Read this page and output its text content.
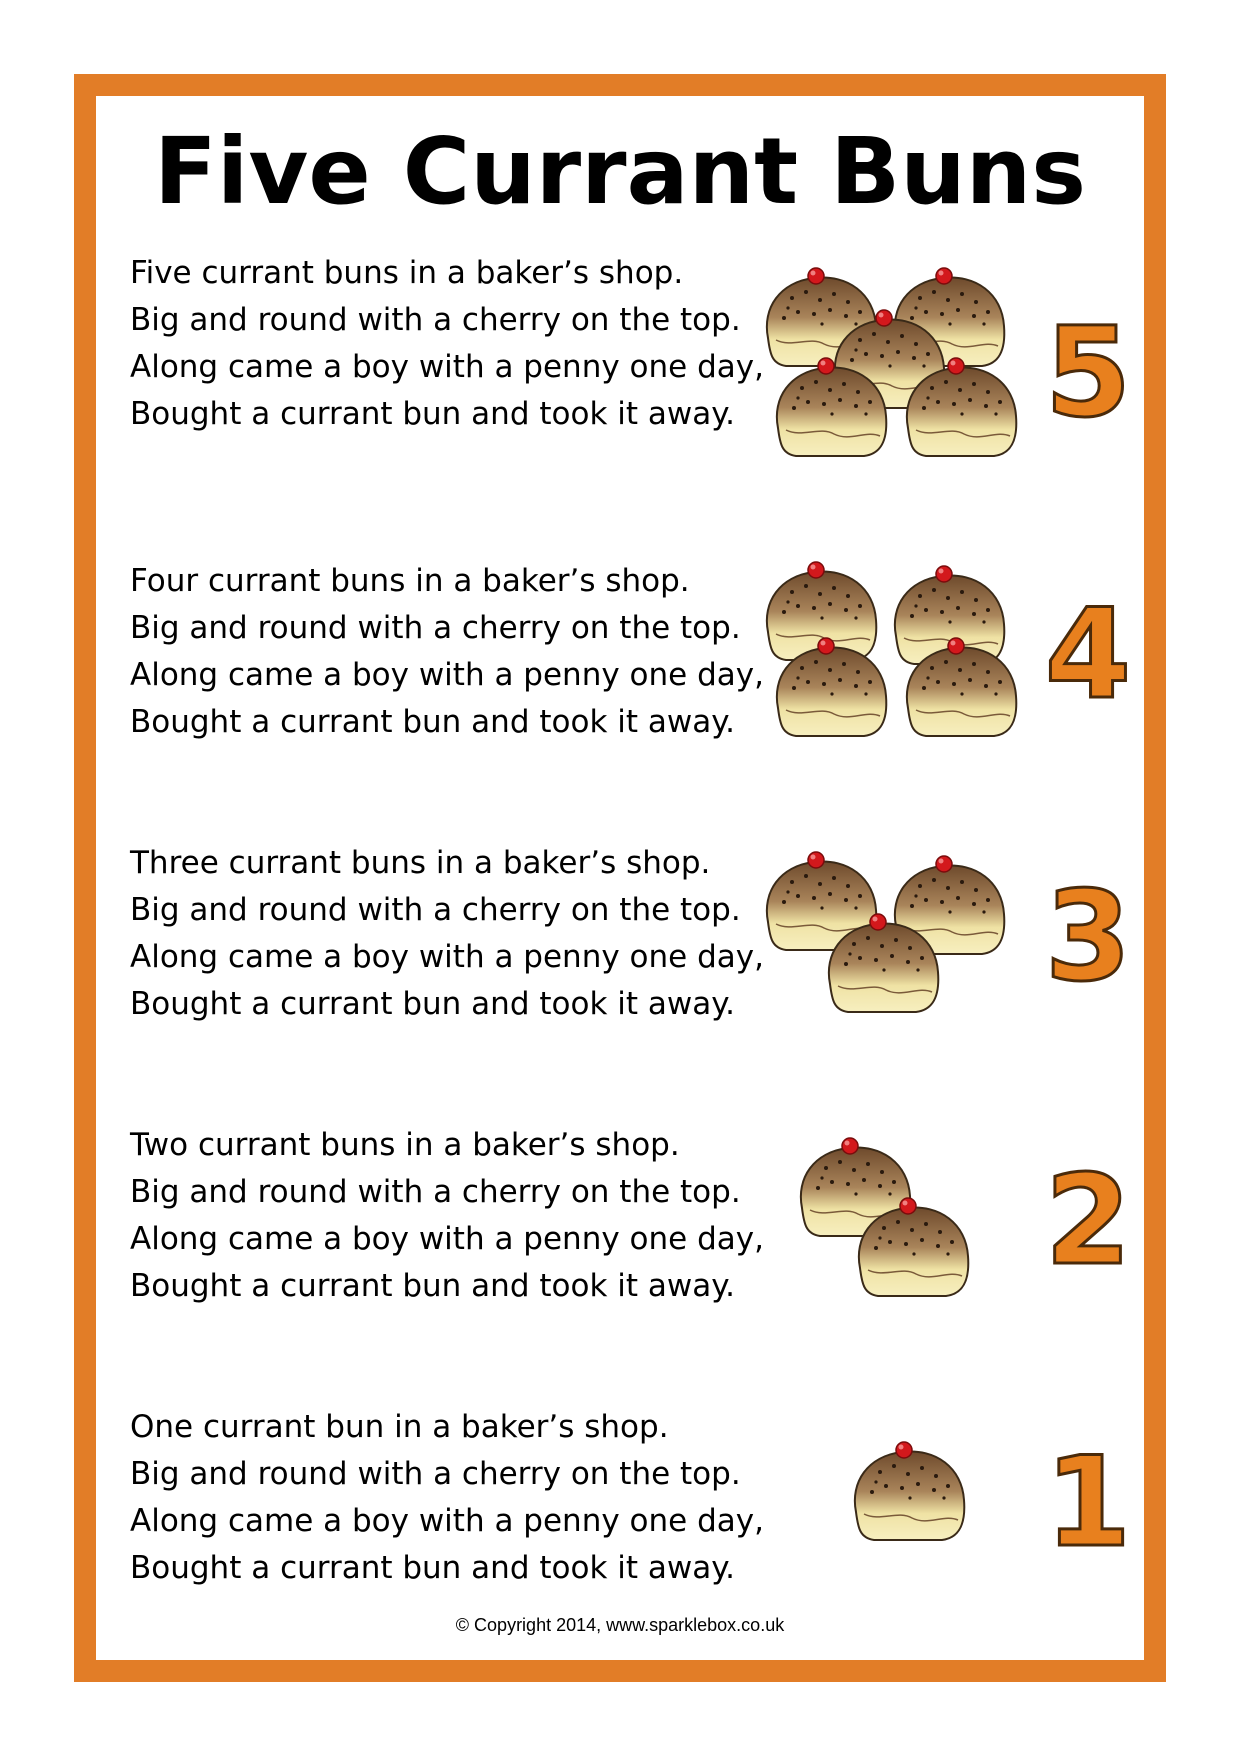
Five Currant Buns
Five currant buns in a baker’s shop.
Big and round with a cherry on the top.
Along came a boy with a penny one day,
Bought a currant bun and took it away.	5
Four currant buns in a baker’s shop.
Big and round with a cherry on the top.
Along came a boy with a penny one day,
Bought a currant bun and took it away.	4
Three currant buns in a baker’s shop.
Big and round with a cherry on the top.
Along came a boy with a penny one day,
Bought a currant bun and took it away.	3
Two currant buns in a baker’s shop.
Big and round with a cherry on the top.
Along came a boy with a penny one day,
Bought a currant bun and took it away.	2
One currant bun in a baker’s shop.
Big and round with a cherry on the top.
Along came a boy with a penny one day,
Bought a currant bun and took it away.	1
© Copyright 2014, www.sparklebox.co.uk
